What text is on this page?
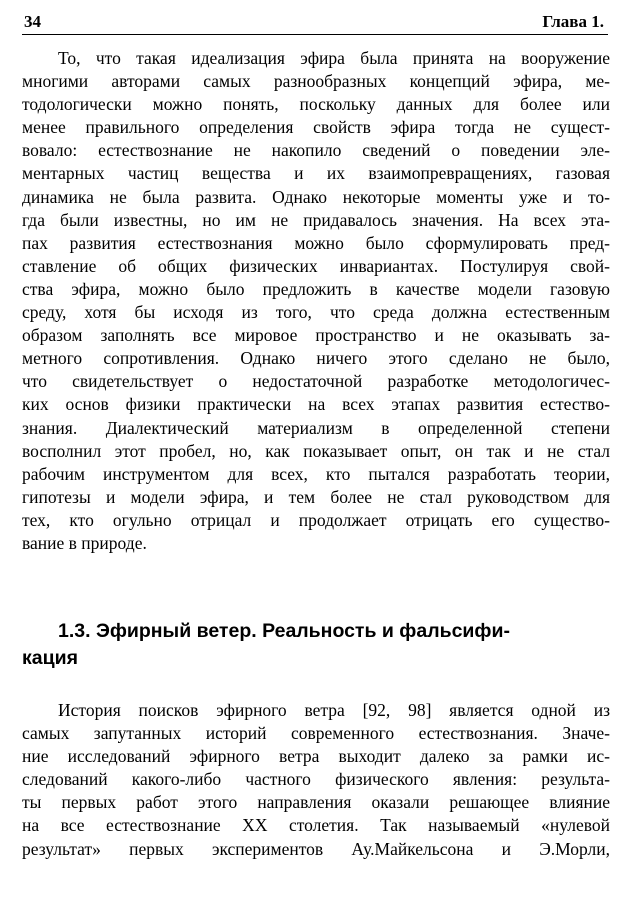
34	Глава 1.

То, что такая идеализация эфира была принята на вооружение
многими авторами самых разнообразных концепций эфира, ме-
тодологически можно понять, поскольку данных для более или
менее правильного определения свойств эфира тогда не сущест-
вовало: естествознание не накопило сведений о поведении эле-
ментарных частиц вещества и их взаимопревращениях, газовая
динамика не была развита. Однако некоторые моменты уже и то-
гда были известны, но им не придавалось значения. На всех эта-
пах развития естествознания можно было сформулировать пред-
ставление об общих физических инвариантах. Постулируя свой-
ства эфира, можно было предложить в качестве модели газовую
среду, хотя бы исходя из того, что среда должна естественным
образом заполнять все мировое пространство и не оказывать за-
метного сопротивления. Однако ничего этого сделано не было,
что свидетельствует о недостаточной разработке методологичес-
ких основ физики практически на всех этапах развития естество-
знания. Диалектический материализм в определенной степени
восполнил этот пробел, но, как показывает опыт, он так и не стал
рабочим инструментом для всех, кто пытался разработать теории,
гипотезы и модели эфира, и тем более не стал руководством для
тех, кто огульно отрицал и продолжает отрицать его существо-
вание в природе.

1.3. Эфирный ветер. Реальность и фальсифи-
кация

История поисков эфирного ветра [92, 98] является одной из
самых запутанных историй современного естествознания. Значе-
ние исследований эфирного ветра выходит далеко за рамки ис-
следований какого-либо частного физического явления: результа-
ты первых работ этого направления оказали решающее влияние
на все естествознание XX столетия. Так называемый «нулевой
результат» первых экспериментов Ау.Майкельсона и Э.Морли,
